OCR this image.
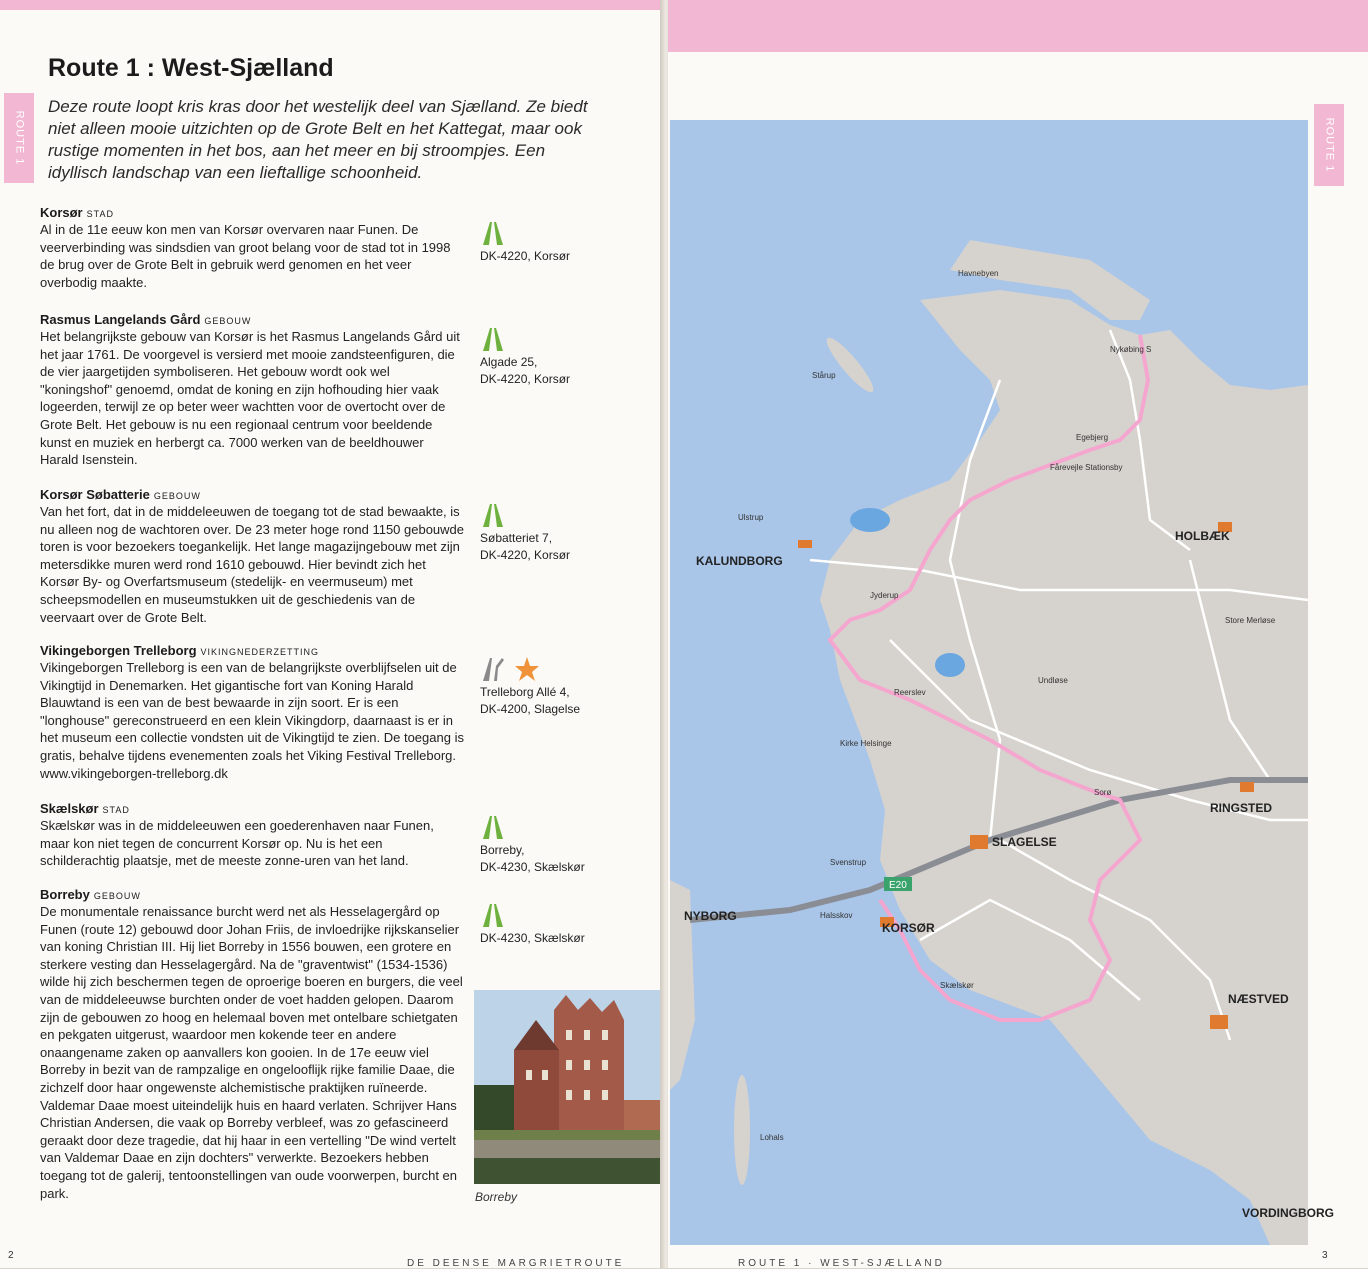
ROUTE 1
Route 1 : West-Sjælland

Deze route loopt kris kras door het westelijk deel van Sjælland. Ze biedt niet alleen mooie uitzichten op de Grote Belt en het Kattegat, maar ook rustige momenten in het bos, aan het meer en bij stroompjes. Een idyllisch landschap van een lieftallige schoonheid.

Korsør STAD

Al in de 11e eeuw kon men van Korsør overvaren naar Funen. De veerverbinding was sindsdien van groot belang voor de stad tot in 1998 de brug over de Grote Belt in gebruik werd genomen en het veer overbodig maakte.

DK-4220, Korsør
Rasmus Langelands Gård GEBOUW

Het belangrijkste gebouw van Korsør is het Rasmus Langelands Gård uit het jaar 1761. De voorgevel is versierd met mooie zandsteenfiguren, die de vier jaargetijden symboliseren. Het gebouw wordt ook wel "koningshof" genoemd, omdat de koning en zijn hofhouding hier vaak logeerden, terwijl ze op beter weer wachtten voor de overtocht over de Grote Belt. Het gebouw is nu een regionaal centrum voor beeldende kunst en muziek en herbergt ca. 7000 werken van de beeldhouwer Harald Isenstein.

Algade 25,
DK-4220, Korsør
Korsør Søbatterie GEBOUW

Van het fort, dat in de middeleeuwen de toegang tot de stad bewaakte, is nu alleen nog de wachtoren over. De 23 meter hoge rond 1150 gebouwde toren is voor bezoekers toegankelijk. Het lange magazijngebouw met zijn metersdikke muren werd rond 1610 gebouwd. Hier bevindt zich het Korsør By- og Overfartsmuseum (stedelijk- en veermuseum) met scheepsmodellen en museumstukken uit de geschiedenis van de veervaart over de Grote Belt.

Søbatteriet 7,
DK-4220, Korsør
Vikingeborgen Trelleborg VIKINGNEDERZETTING

Vikingeborgen Trelleborg is een van de belangrijkste overblijfselen uit de Vikingtijd in Denemarken. Het gigantische fort van Koning Harald Blauwtand is een van de best bewaarde in zijn soort. Er is een "longhouse" gereconstrueerd en een klein Vikingdorp, daarnaast is er in het museum een collectie vondsten uit de Vikingtijd te zien. De toegang is gratis, behalve tijdens evenementen zoals het Viking Festival Trelleborg. www.vikingeborgen-trelleborg.dk

Trelleborg Allé 4,
DK-4200, Slagelse
Skælskør STAD

Skælskør was in de middeleeuwen een goederenhaven naar Funen, maar kon niet tegen de concurrent Korsør op. Nu is het een schilderachtig plaatsje, met de meeste zonne-uren van het land.

Borreby,
DK-4230, Skælskør
Borreby GEBOUW

De monumentale renaissance burcht werd net als Hesselagergård op Funen (route 12) gebouwd door Johan Friis, de invloedrijke rijkskanselier van koning Christian III. Hij liet Borreby in 1556 bouwen, een grotere en sterkere vesting dan Hesselagergård. Na de "graventwist" (1534-1536) wilde hij zich beschermen tegen de oproerige boeren en burgers, die veel van de middeleeuwse burchten onder de voet hadden gelopen. Daarom zijn de gebouwen zo hoog en helemaal boven met ontelbare schietgaten en pekgaten uitgerust, waardoor men kokende teer en andere onaangename zaken op aanvallers kon gooien. In de 17e eeuw viel Borreby in bezit van de rampzalige en ongelooflijk rijke familie Daae, die zichzelf door haar ongewenste alchemistische praktijken ruïneerde. Valdemar Daae moest uiteindelijk huis en haard verlaten. Schrijver Hans Christian Andersen, die vaak op Borreby verbleef, was zo gefascineerd geraakt door deze tragedie, dat hij haar in een vertelling "De wind vertelt van Valdemar Daae en zijn dochters" verwerkte. Bezoekers hebben toegang tot de galerij, tentoonstellingen van oude voorwerpen, burcht en park.

DK-4230, Skælskør
Borreby
2
DE DEENSE MARGRIETROUTE
ROUTE 1
KALUNDBORG
HOLBÆK
RINGSTED
SLAGELSE
KORSØR
NYBORG
NÆSTVED
VORDINGBORG
Havnebyen
Nykøbing S
Stårup
Egebjerg
Fårevejle Stationsby
Ulstrup
Jyderup
Reerslev
Undløse
Kirke Helsinge
Sorø
Svenstrup
Halsskov
Skælskør
Lohals
Store Merløse
E20
3
ROUTE 1 · WEST-SJÆLLAND
